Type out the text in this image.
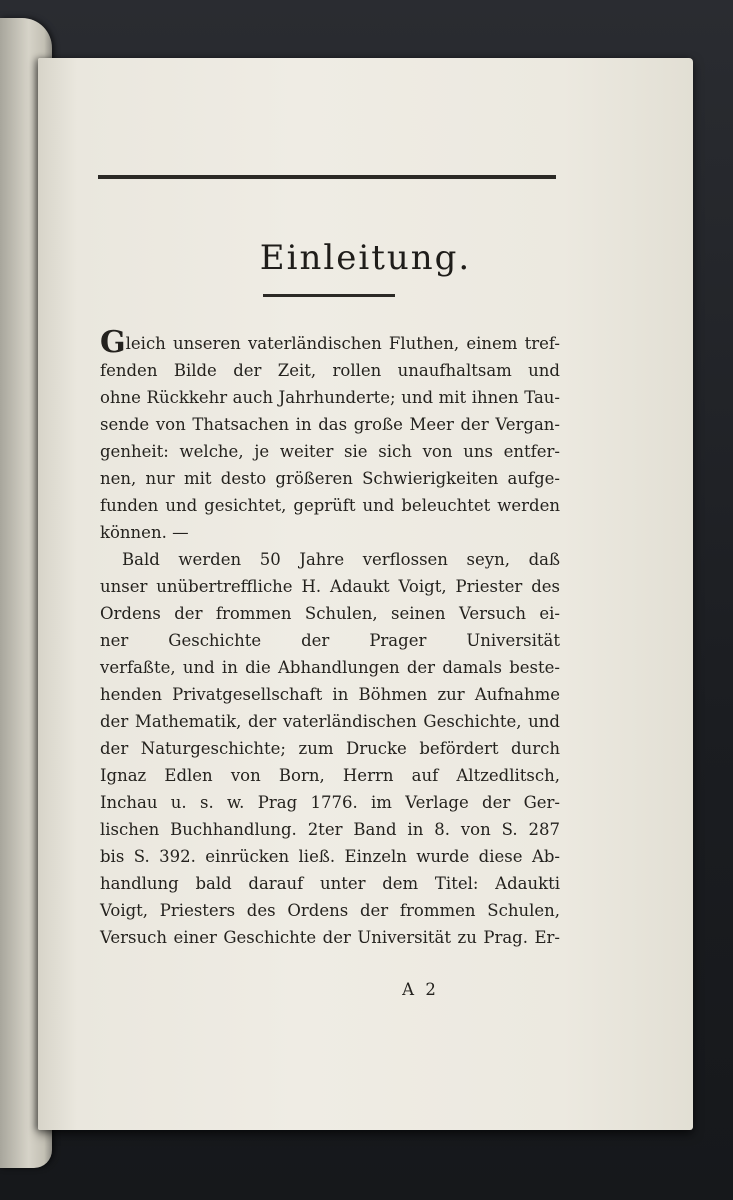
Einleitung.
Gleich unseren vaterländischen Fluthen, einem tref-
fenden Bilde der Zeit, rollen unaufhaltsam und
ohne Rückkehr auch Jahrhunderte; und mit ihnen Tau-
sende von Thatsachen in das große Meer der Vergan-
genheit: welche, je weiter sie sich von uns entfer-
nen, nur mit desto größeren Schwierigkeiten aufge-
funden und gesichtet, geprüft und beleuchtet werden
können. —
Bald werden 50 Jahre verflossen seyn, daß
unser unübertreffliche H. Adaukt Voigt, Priester des
Ordens der frommen Schulen, seinen Versuch ei-
ner Geschichte der Prager Universität
verfaßte, und in die Abhandlungen der damals beste-
henden Privatgesellschaft in Böhmen zur Aufnahme
der Mathematik, der vaterländischen Geschichte, und
der Naturgeschichte; zum Drucke befördert durch
Ignaz Edlen von Born, Herrn auf Altzedlitsch,
Inchau u. s. w. Prag 1776. im Verlage der Ger-
lischen Buchhandlung. 2ter Band in 8. von S. 287
bis S. 392. einrücken ließ. Einzeln wurde diese Ab-
handlung bald darauf unter dem Titel: Adaukti
Voigt, Priesters des Ordens der frommen Schulen,
Versuch einer Geschichte der Universität zu Prag. Er-
A 2
